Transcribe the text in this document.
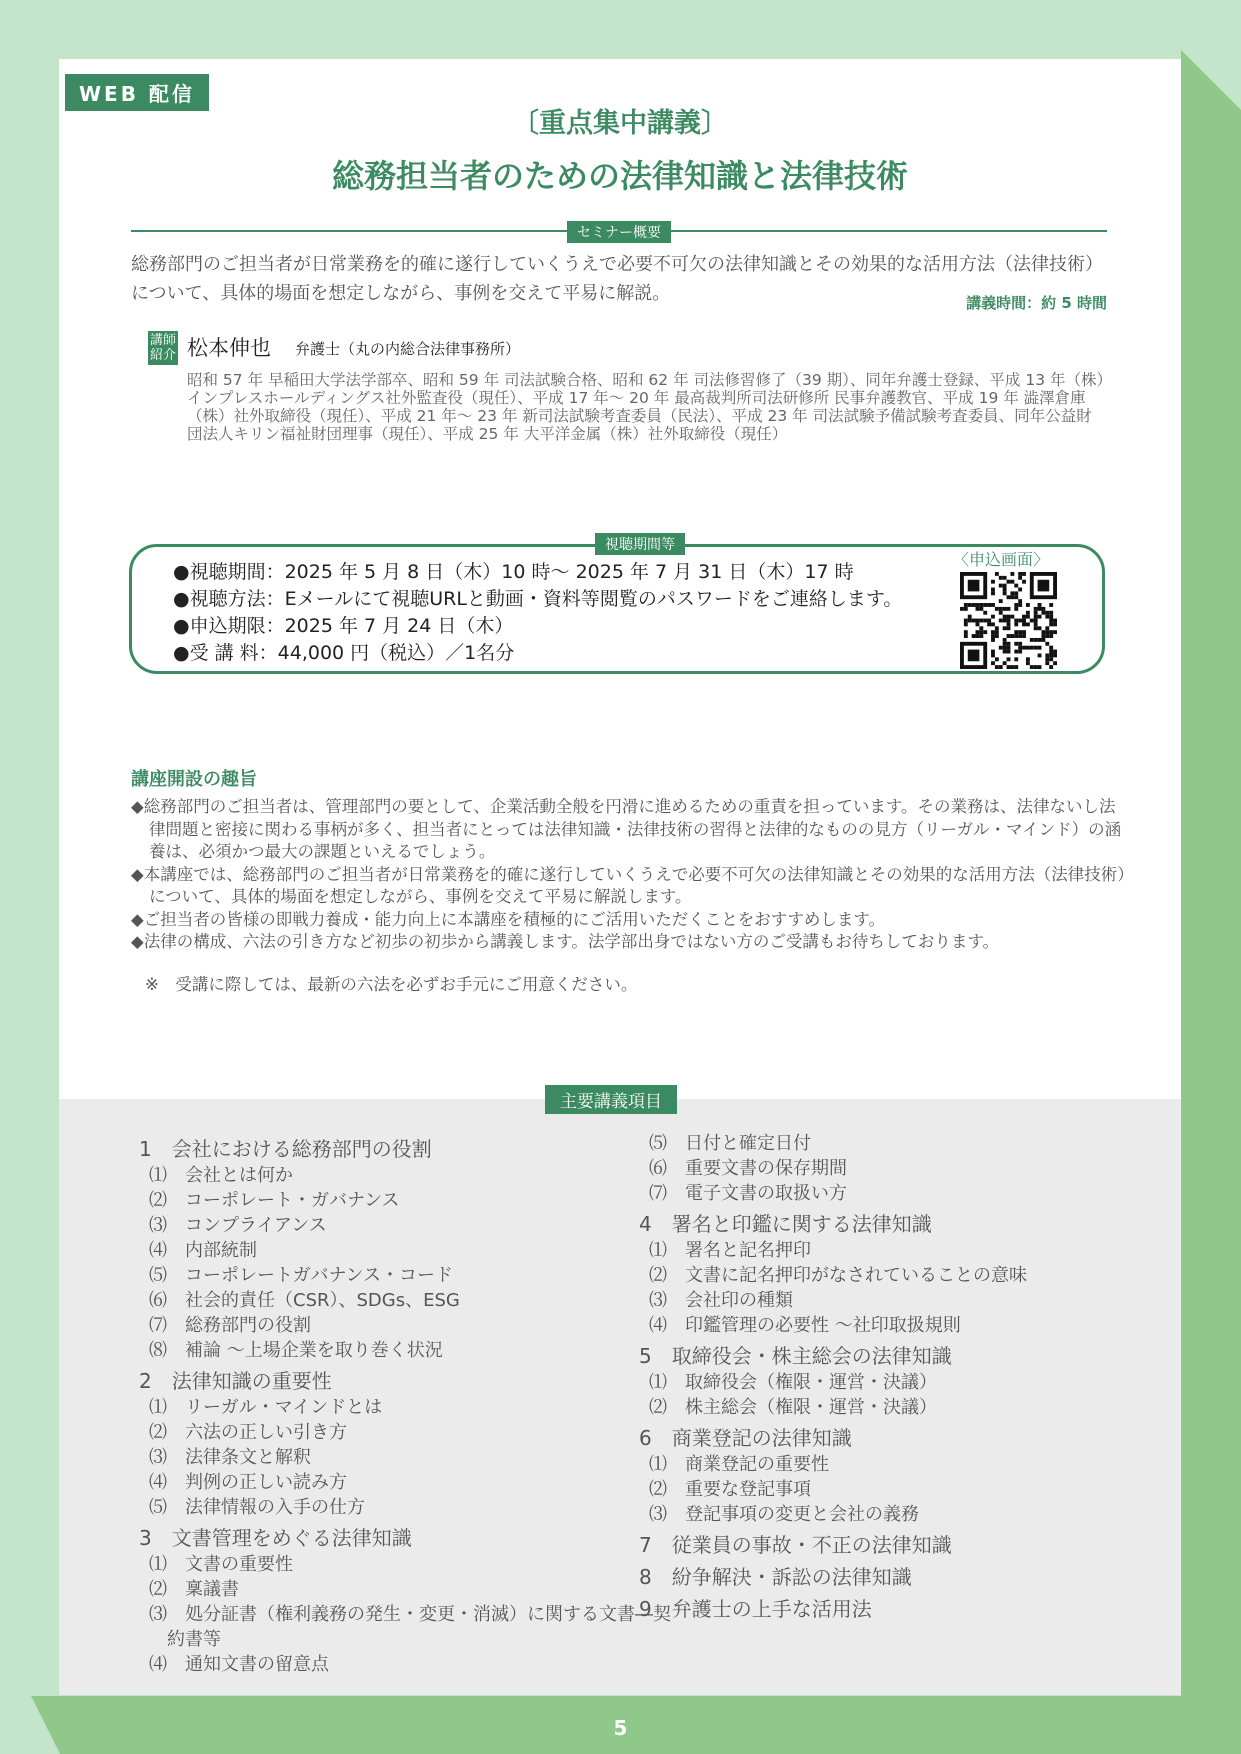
5
WEB 配信
〔重点集中講義〕
総務担当者のための法律知識と法律技術
セミナー概要
総務部門のご担当者が日常業務を的確に遂行していくうえで必要不可欠の法律知識とその効果的な活用方法（法律技術）について、具体的場面を想定しながら、事例を交えて平易に解説。	講義時間：約 5 時間
講師紹介 松本伸也 弁護士（丸の内総合法律事務所）
昭和 57 年 早稲田大学法学部卒、昭和 59 年 司法試験合格、昭和 62 年 司法修習修了（39 期）、同年弁護士登録、平成 13 年（株）インプレスホールディングス社外監査役（現任）、平成 17 年～ 20 年 最高裁判所司法研修所 民事弁護教官、平成 19 年 澁澤倉庫（株）社外取締役（現任）、平成 21 年～ 23 年 新司法試験考査委員（民法）、平成 23 年 司法試験予備試験考査委員、同年公益財団法人キリン福祉財団理事（現任）、平成 25 年 大平洋金属（株）社外取締役（現任）
●視聴期間：2025 年 5 月 8 日（木）10 時～ 2025 年 7 月 31 日（木）17 時
●視聴方法：Eメールにて視聴URLと動画・資料等閲覧のパスワードをご連絡します。
●申込期限：2025 年 7 月 24 日（木）
●受 講 料：44,000 円（税込）／1名分
視聴期間等
〈申込画面〉
講座開設の趣旨
◆総務部門のご担当者は、管理部門の要として、企業活動全般を円滑に進めるための重責を担っています。その業務は、法律ないし法律問題と密接に関わる事柄が多く、担当者にとっては法律知識・法律技術の習得と法律的なものの見方（リーガル・マインド）の涵養は、必須かつ最大の課題といえるでしょう。
◆本講座では、総務部門のご担当者が日常業務を的確に遂行していくうえで必要不可欠の法律知識とその効果的な活用方法（法律技術）について、具体的場面を想定しながら、事例を交えて平易に解説します。
◆ご担当者の皆様の即戦力養成・能力向上に本講座を積極的にご活用いただくことをおすすめします。
◆法律の構成、六法の引き方など初歩の初歩から講義します。法学部出身ではない方のご受講もお待ちしております。
※　受講に際しては、最新の六法を必ずお手元にご用意ください。
主要講義項目
1　会社における総務部門の役割
⑴　会社とは何か
⑵　コーポレート・ガバナンス
⑶　コンプライアンス
⑷　内部統制
⑸　コーポレートガバナンス・コード
⑹　社会的責任（CSR）、SDGs、ESG
⑺　総務部門の役割
⑻　補論 ～上場企業を取り巻く状況
2　法律知識の重要性
⑴　リーガル・マインドとは
⑵　六法の正しい引き方
⑶　法律条文と解釈
⑷　判例の正しい読み方
⑸　法律情報の入手の仕方
3　文書管理をめぐる法律知識
⑴　文書の重要性
⑵　稟議書
⑶　処分証書（権利義務の発生・変更・消滅）に関する文書―契約書等
⑷　通知文書の留意点
⑸　日付と確定日付
⑹　重要文書の保存期間
⑺　電子文書の取扱い方
4　署名と印鑑に関する法律知識
⑴　署名と記名押印
⑵　文書に記名押印がなされていることの意味
⑶　会社印の種類
⑷　印鑑管理の必要性 ～社印取扱規則
5　取締役会・株主総会の法律知識
⑴　取締役会（権限・運営・決議）
⑵　株主総会（権限・運営・決議）
6　商業登記の法律知識
⑴　商業登記の重要性
⑵　重要な登記事項
⑶　登記事項の変更と会社の義務
7　従業員の事故・不正の法律知識
8　紛争解決・訴訟の法律知識
9　弁護士の上手な活用法
